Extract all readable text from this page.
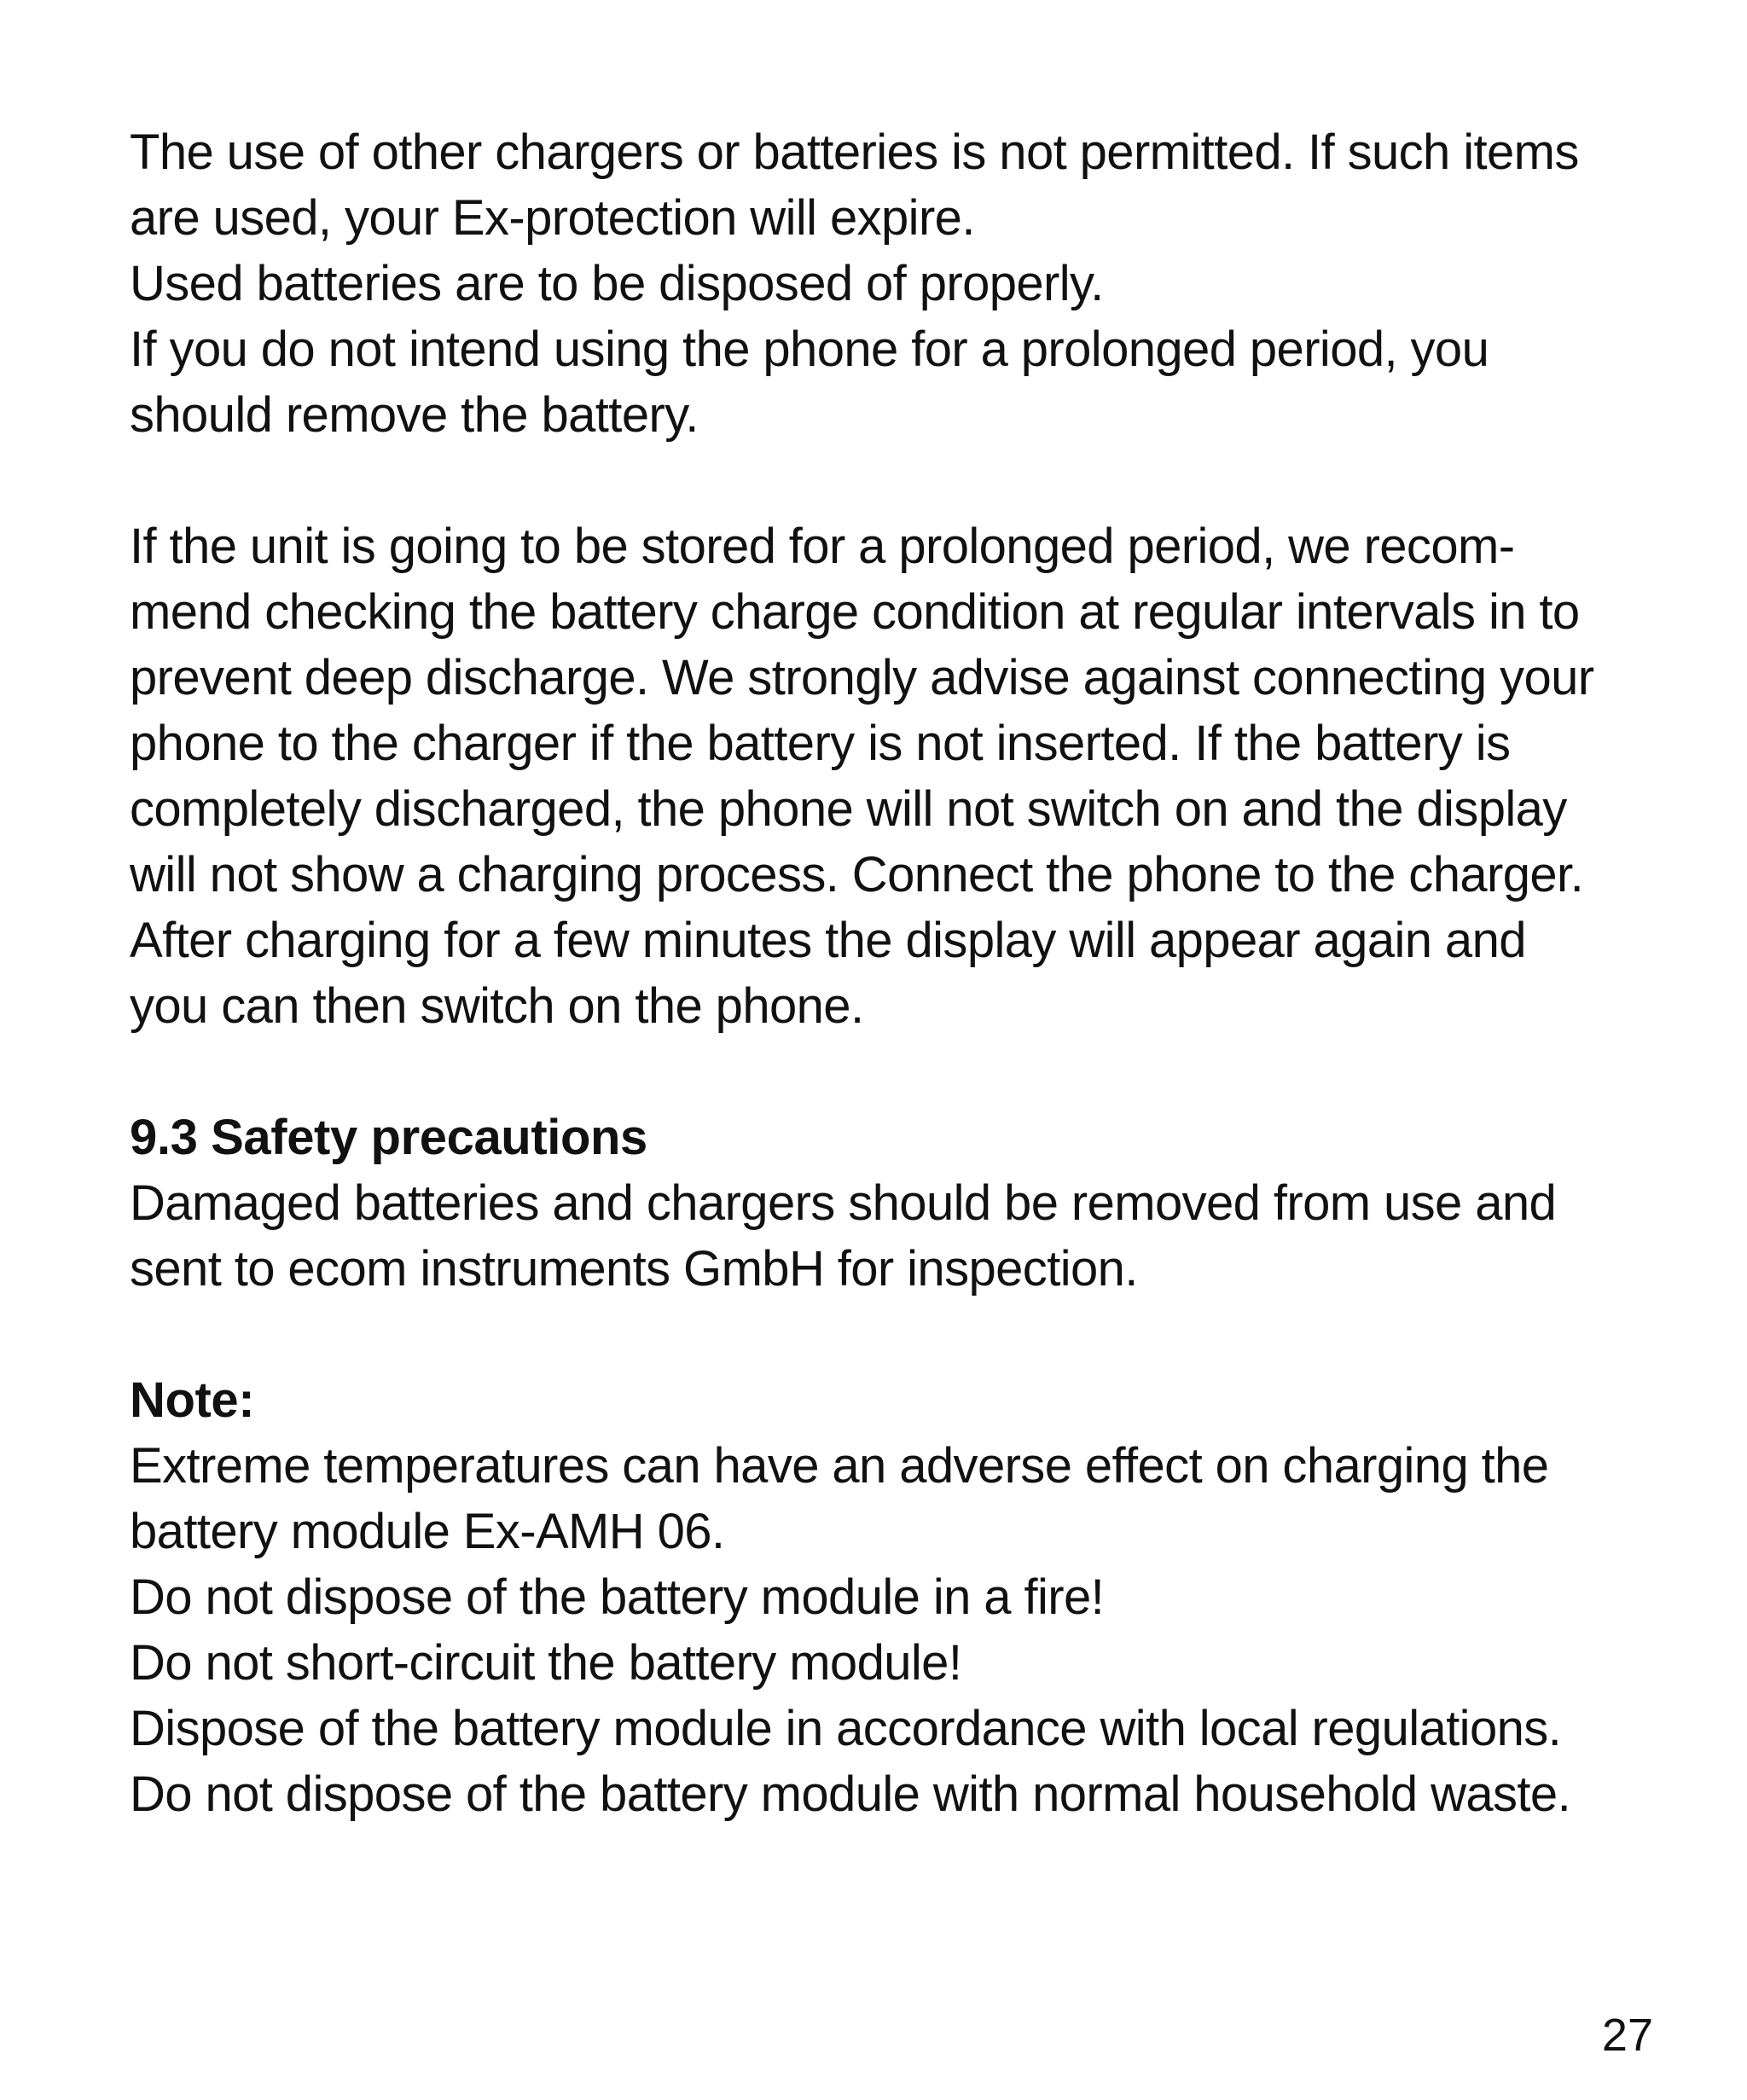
The use of other chargers or batteries is not permitted. If such items
are used, your Ex-protection will expire.
Used batteries are to be disposed of properly.
If you do not intend using the phone for a prolonged period, you
should remove the battery.
If the unit is going to be stored for a prolonged period, we recom-
mend checking the battery charge condition at regular intervals in to
prevent deep discharge. We strongly advise against connecting your
phone to the charger if the battery is not inserted. If the battery is
completely discharged, the phone will not switch on and the display
will not show a charging process. Connect the phone to the charger.
After charging for a few minutes the display will appear again and
you can then switch on the phone.
9.3 Safety precautions
Damaged batteries and chargers should be removed from use and
sent to ecom instruments GmbH for inspection.
Note:
Extreme temperatures can have an adverse effect on charging the
battery module Ex-AMH 06.
Do not dispose of the battery module in a fire!
Do not short-circuit the battery module!
Dispose of the battery module in accordance with local regulations.
Do not dispose of the battery module with normal household waste.
27
